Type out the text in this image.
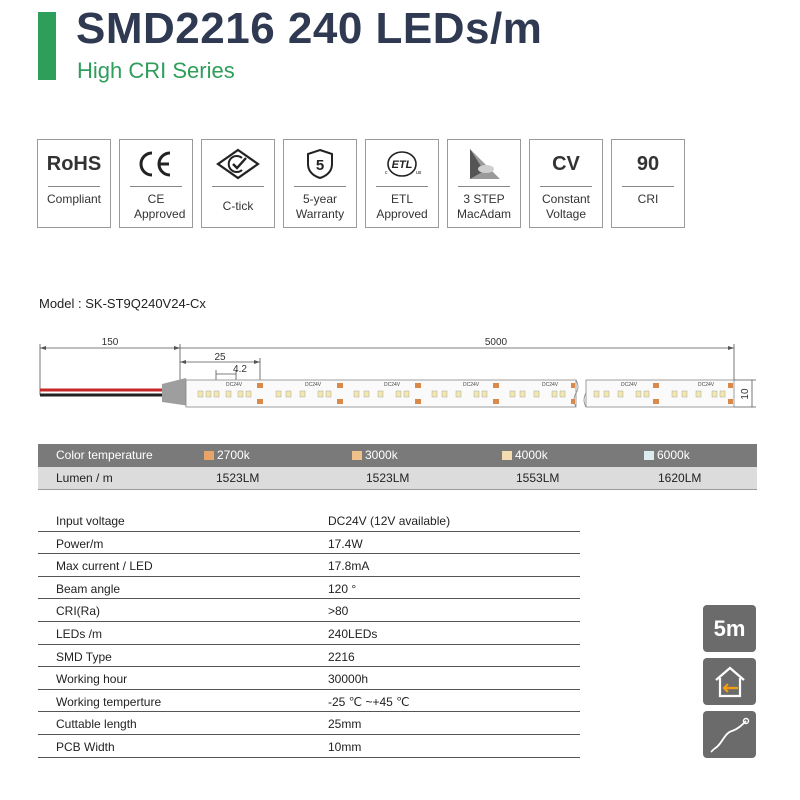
SMD2216 240 LEDs/m
High CRI Series
RoHS
Compliant	CE Approved
C-tick
5
5-year Warranty
ETL
c	us
ETL Approved
3 STEP MacAdam
CV
Constant Voltage
90
CRI
Model : SK-ST9Q240V24-Cx
150	5000
25
4.2
DC24V	DC24V	DC24V	DC24V	DC24V	DC24V	DC24V
10
Color temperature	2700k	3000k	4000k	6000k
Lumen / m	1523LM	1523LM	1553LM	1620LM
Input voltage	DC24V (12V available)
Power/m	17.4W
Max current / LED	17.8mA
Beam angle	120 °
CRI(Ra)	>80
LEDs /m	240LEDs
SMD Type	2216
Working hour	30000h
Working temperture	-25 ℃ ~+45 ℃
Cuttable length	25mm
PCB Width	10mm
5m
